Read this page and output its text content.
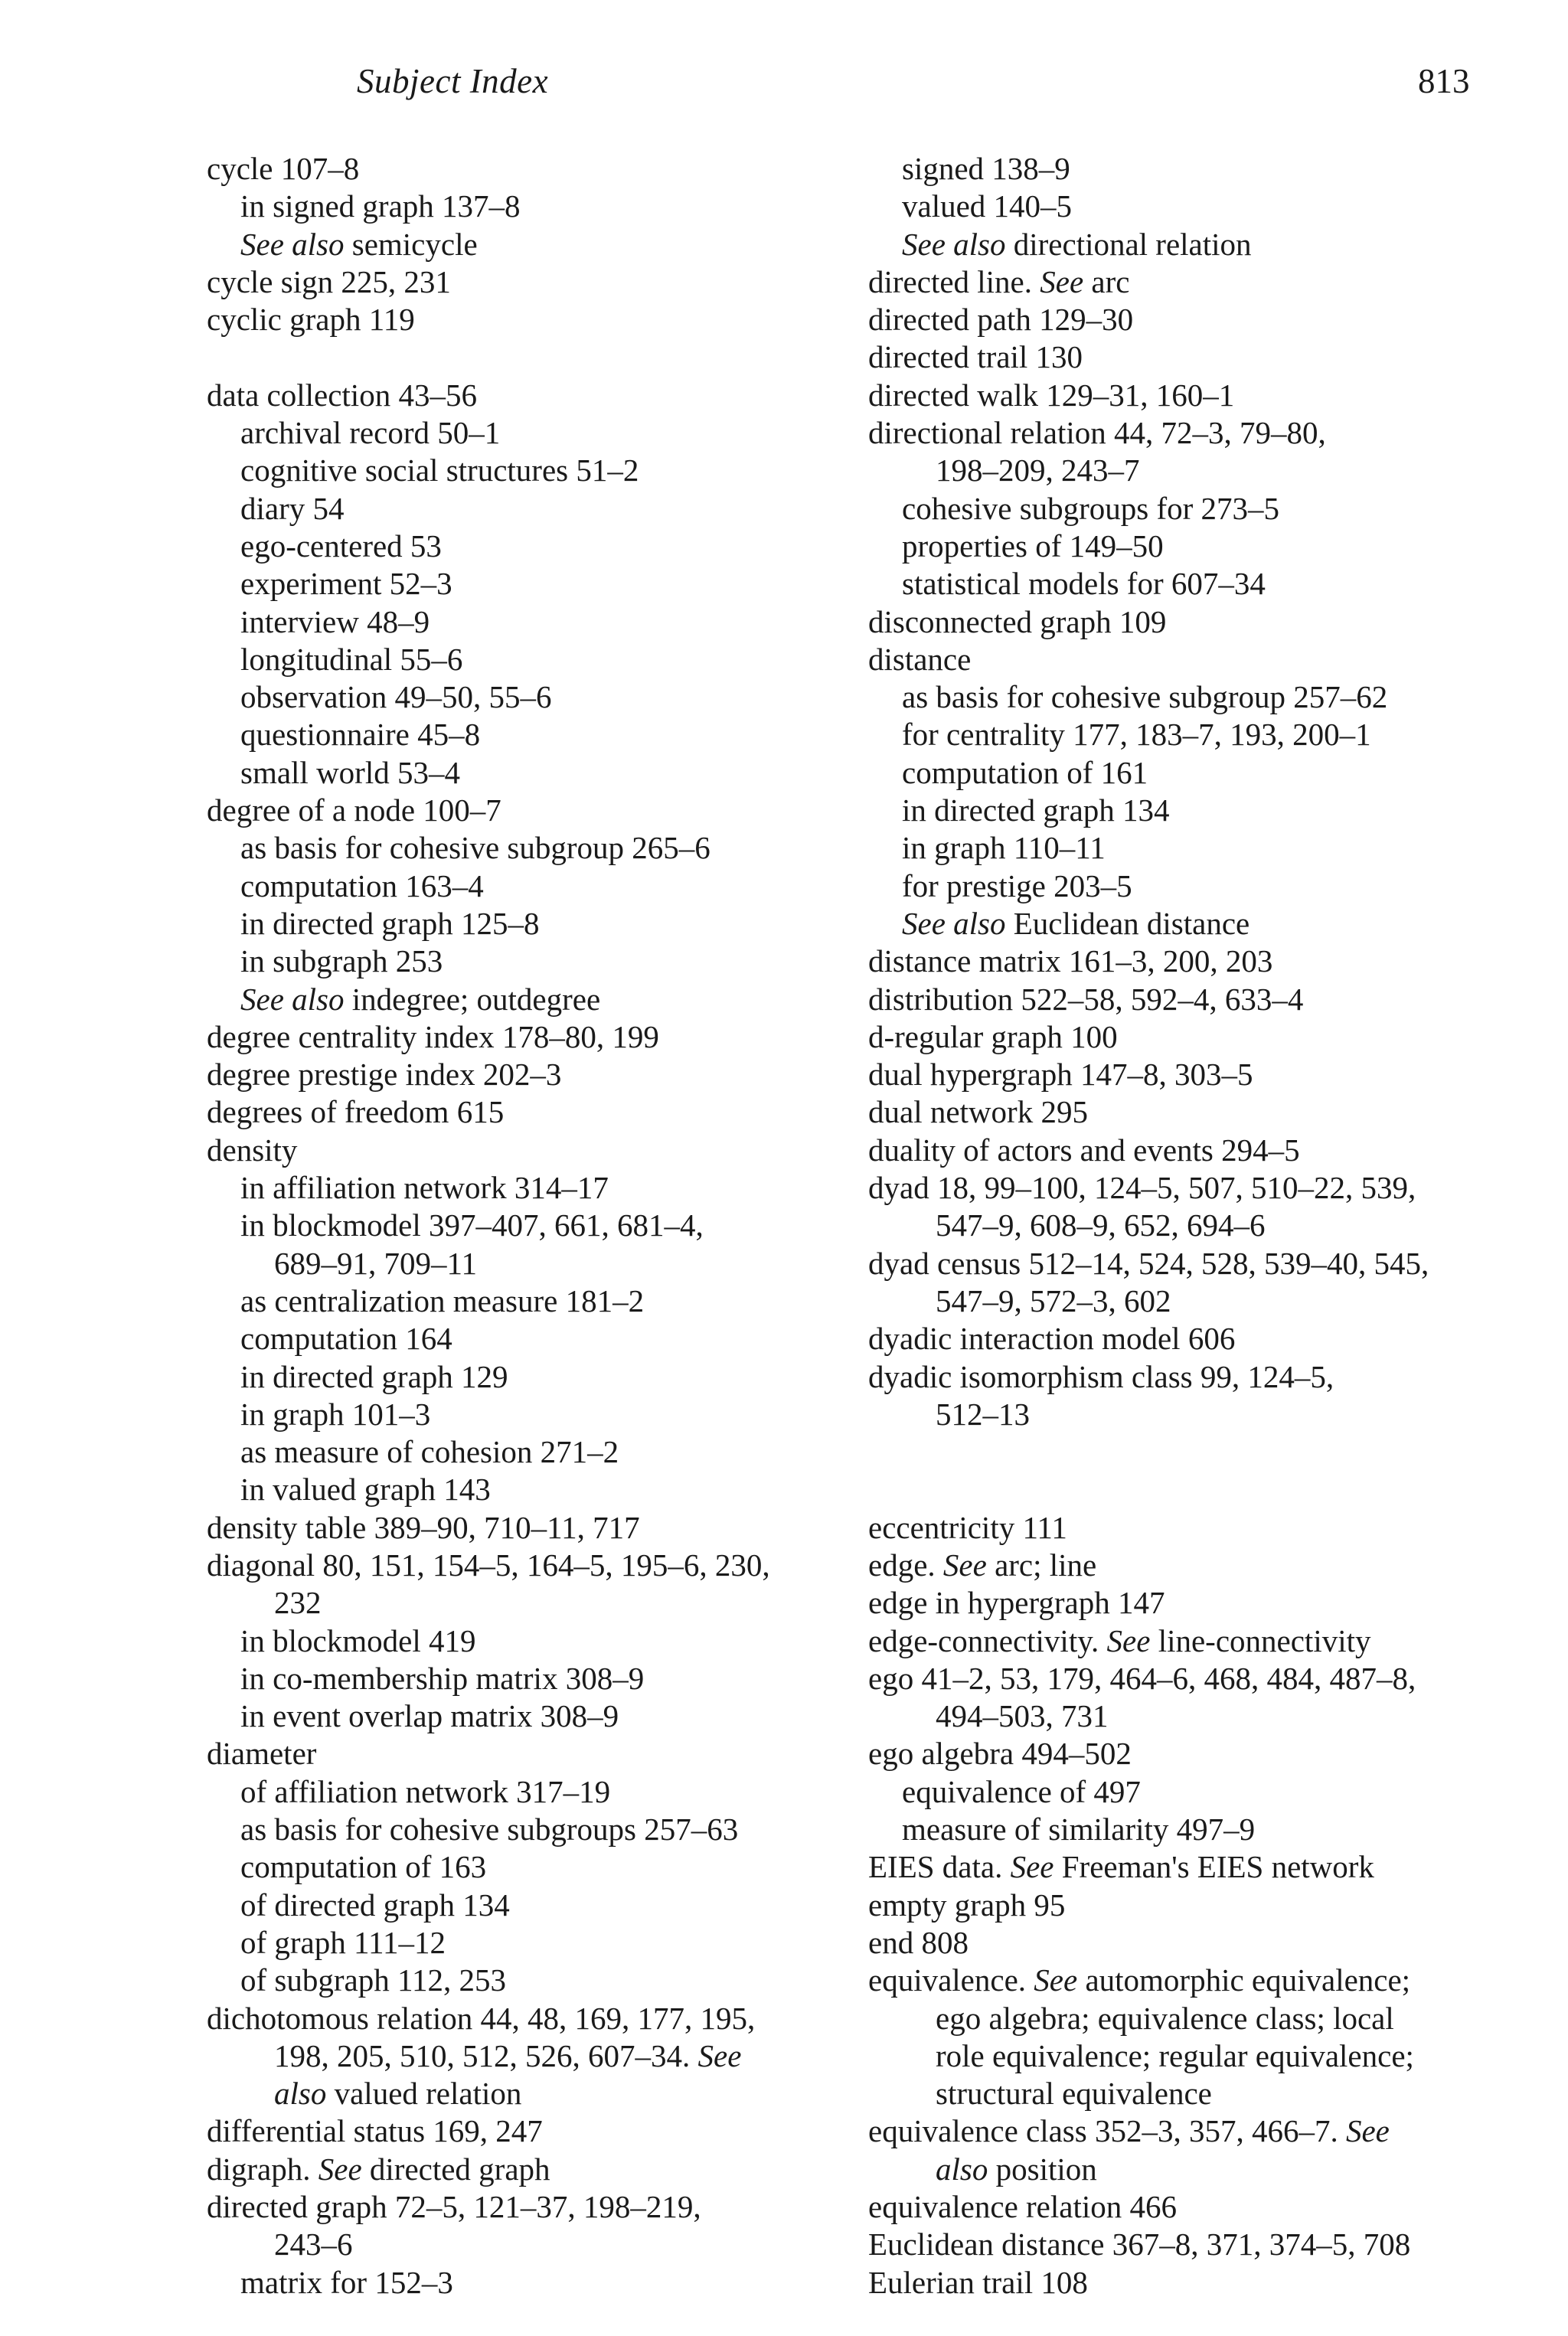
Subject Index	813
cycle 107–8
in signed graph 137–8
See also semicycle
cycle sign 225, 231
cyclic graph 119
data collection 43–56
archival record 50–1
cognitive social structures 51–2
diary 54
ego-centered 53
experiment 52–3
interview 48–9
longitudinal 55–6
observation 49–50, 55–6
questionnaire 45–8
small world 53–4
degree of a node 100–7
as basis for cohesive subgroup 265–6
computation 163–4
in directed graph 125–8
in subgraph 253
See also indegree; outdegree
degree centrality index 178–80, 199
degree prestige index 202–3
degrees of freedom 615
density
in affiliation network 314–17
in blockmodel 397–407, 661, 681–4,
689–91, 709–11
as centralization measure 181–2
computation 164
in directed graph 129
in graph 101–3
as measure of cohesion 271–2
in valued graph 143
density table 389–90, 710–11, 717
diagonal 80, 151, 154–5, 164–5, 195–6, 230,
232
in blockmodel 419
in co-membership matrix 308–9
in event overlap matrix 308–9
diameter
of affiliation network 317–19
as basis for cohesive subgroups 257–63
computation of 163
of directed graph 134
of graph 111–12
of subgraph 112, 253
dichotomous relation 44, 48, 169, 177, 195,
198, 205, 510, 512, 526, 607–34. See
also valued relation
differential status 169, 247
digraph. See directed graph
directed graph 72–5, 121–37, 198–219,
243–6
matrix for 152–3
signed 138–9
valued 140–5
See also directional relation
directed line. See arc
directed path 129–30
directed trail 130
directed walk 129–31, 160–1
directional relation 44, 72–3, 79–80,
198–209, 243–7
cohesive subgroups for 273–5
properties of 149–50
statistical models for 607–34
disconnected graph 109
distance
as basis for cohesive subgroup 257–62
for centrality 177, 183–7, 193, 200–1
computation of 161
in directed graph 134
in graph 110–11
for prestige 203–5
See also Euclidean distance
distance matrix 161–3, 200, 203
distribution 522–58, 592–4, 633–4
d-regular graph 100
dual hypergraph 147–8, 303–5
dual network 295
duality of actors and events 294–5
dyad 18, 99–100, 124–5, 507, 510–22, 539,
547–9, 608–9, 652, 694–6
dyad census 512–14, 524, 528, 539–40, 545,
547–9, 572–3, 602
dyadic interaction model 606
dyadic isomorphism class 99, 124–5,
512–13
eccentricity 111
edge. See arc; line
edge in hypergraph 147
edge-connectivity. See line-connectivity
ego 41–2, 53, 179, 464–6, 468, 484, 487–8,
494–503, 731
ego algebra 494–502
equivalence of 497
measure of similarity 497–9
EIES data. See Freeman's EIES network
empty graph 95
end 808
equivalence. See automorphic equivalence;
ego algebra; equivalence class; local
role equivalence; regular equivalence;
structural equivalence
equivalence class 352–3, 357, 466–7. See
also position
equivalence relation 466
Euclidean distance 367–8, 371, 374–5, 708
Eulerian trail 108
